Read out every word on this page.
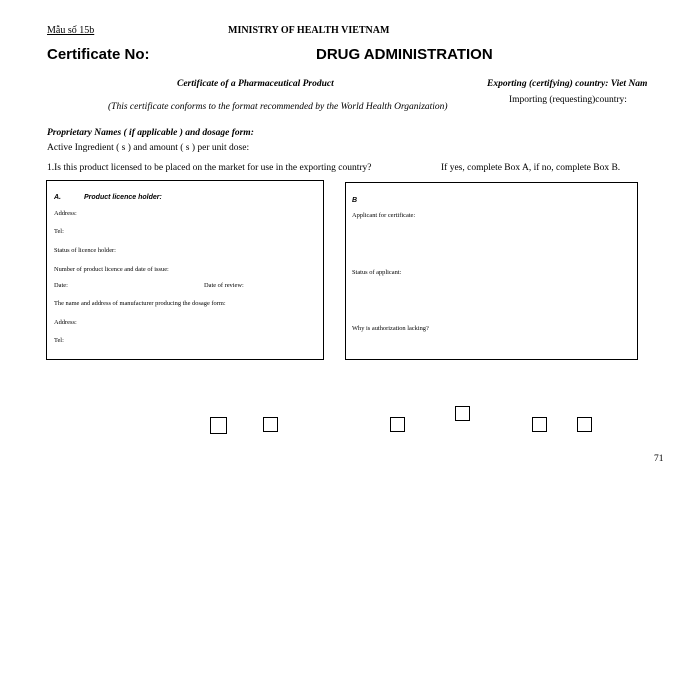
Mẫu số 15b	MINISTRY OF HEALTH VIETNAM
Certificate No:	DRUG ADMINISTRATION
Certificate of a Pharmaceutical Product	Exporting (certifying) country: Viet Nam
Importing (requesting)country:
(This certificate conforms to the format recommended by the World Health Organization)
Proprietary Names ( if applicable ) and dosage form:
Active Ingredient ( s ) and amount ( s ) per unit dose:
1.Is this product licensed to be placed on the market for use in the exporting country?	If yes, complete Box A, if no, complete Box B.
A.	Product licence holder:
Address:
Tel:
Status of licence holder:
Number of product licence and date of issue:
Date:	Date of review:
The name and address of manufacturer producing the dosage form:
Address:
Tel:
B
Applicant for certificate:
Status of applicant:
Why is authorization lacking?
71
